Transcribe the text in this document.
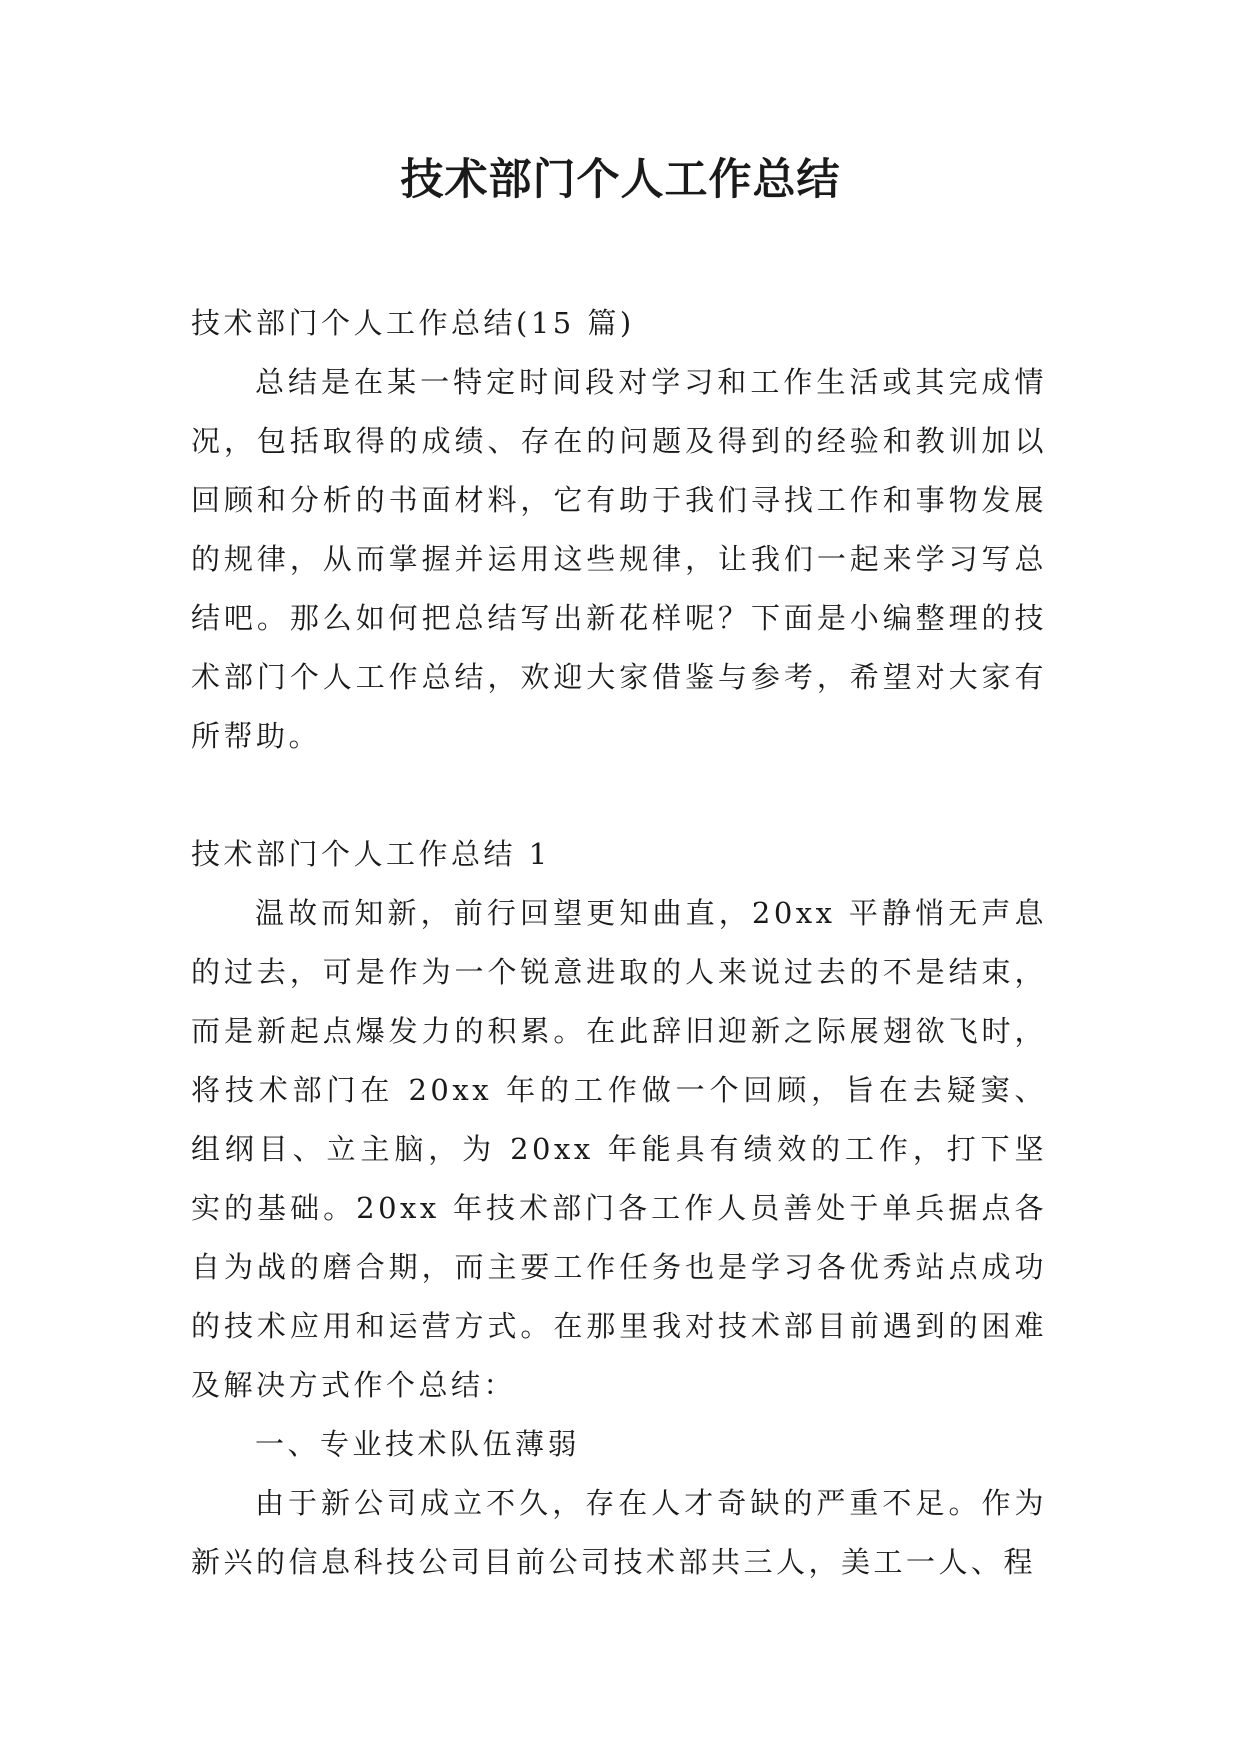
技术部门个人工作总结

技术部门个人工作总结(15 篇)

总结是在某一特定时间段对学习和工作生活或其完成情况，包括取得的成绩、存在的问题及得到的经验和教训加以回顾和分析的书面材料，它有助于我们寻找工作和事物发展的规律，从而掌握并运用这些规律，让我们一起来学习写总结吧。那么如何把总结写出新花样呢？下面是小编整理的技术部门个人工作总结，欢迎大家借鉴与参考，希望对大家有所帮助。

技术部门个人工作总结 1

温故而知新，前行回望更知曲直，20xx 平静悄无声息的过去，可是作为一个锐意进取的人来说过去的不是结束，而是新起点爆发力的积累。在此辞旧迎新之际展翅欲飞时，将技术部门在 20xx 年的工作做一个回顾，旨在去疑窦、组纲目、立主脑，为 20xx 年能具有绩效的工作，打下坚实的基础。20xx 年技术部门各工作人员善处于单兵据点各自为战的磨合期，而主要工作任务也是学习各优秀站点成功的技术应用和运营方式。在那里我对技术部目前遇到的困难及解决方式作个总结：

一、专业技术队伍薄弱

由于新公司成立不久，存在人才奇缺的严重不足。作为新兴的信息科技公司目前公司技术部共三人，美工一人、程
